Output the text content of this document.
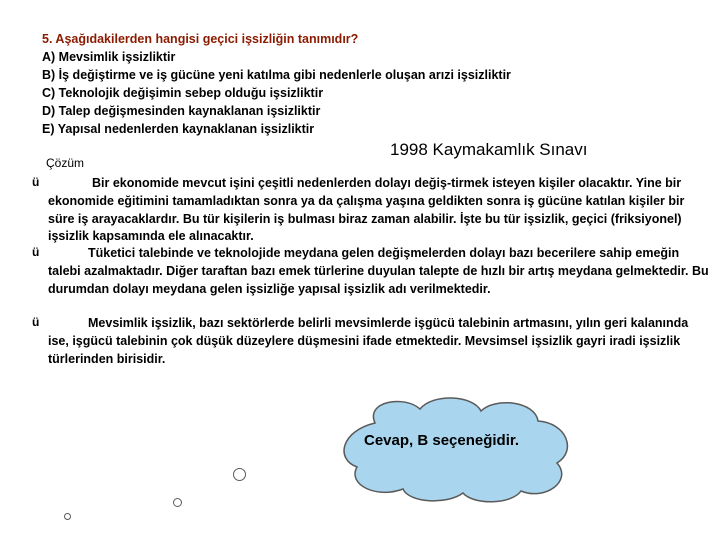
5. Aşağıdakilerden hangisi geçici işsizliğin tanımıdır?
A) Mevsimlik işsizliktir
B) İş değiştirme ve iş gücüne yeni katılma gibi nedenlerle oluşan arızi işsizliktir
C) Teknolojik değişimin sebep olduğu işsizliktir
D) Talep değişmesinden kaynaklanan işsizliktir
E) Yapısal nedenlerden kaynaklanan işsizliktir
1998 Kaymakamlık Sınavı
Çözüm
ü	Bir ekonomide mevcut işini çeşitli nedenlerden dolayı değiş-tirmek isteyen kişiler olacaktır. Yine bir ekonomide eğitimini tamamladıktan sonra ya da çalışma yaşına geldikten sonra iş gücüne katılan kişiler bir süre iş arayacaklardır. Bu tür kişilerin iş bulması biraz zaman alabilir. İşte bu tür işsizlik, geçici (friksiyonel) işsizlik kapsamında ele alınacaktır.
ü	Tüketici talebinde ve teknolojide meydana gelen değişmelerden dolayı bazı becerilere sahip emeğin talebi azalmaktadır. Diğer taraftan bazı emek türlerine duyulan talepte de hızlı bir artış meydana gelmektedir. Bu durumdan dolayı meydana gelen işsizliğe yapısal işsizlik adı verilmektedir.
ü	Mevsimlik işsizlik, bazı sektörlerde belirli mevsimlerde işgücü talebinin artmasını, yılın geri kalanında ise, işgücü talebinin çok düşük düzeylere düşmesini ifade etmektedir. Mevsimsel işsizlik gayri iradi işsizlik türlerinden birisidir.
Cevap, B seçeneğidir.
